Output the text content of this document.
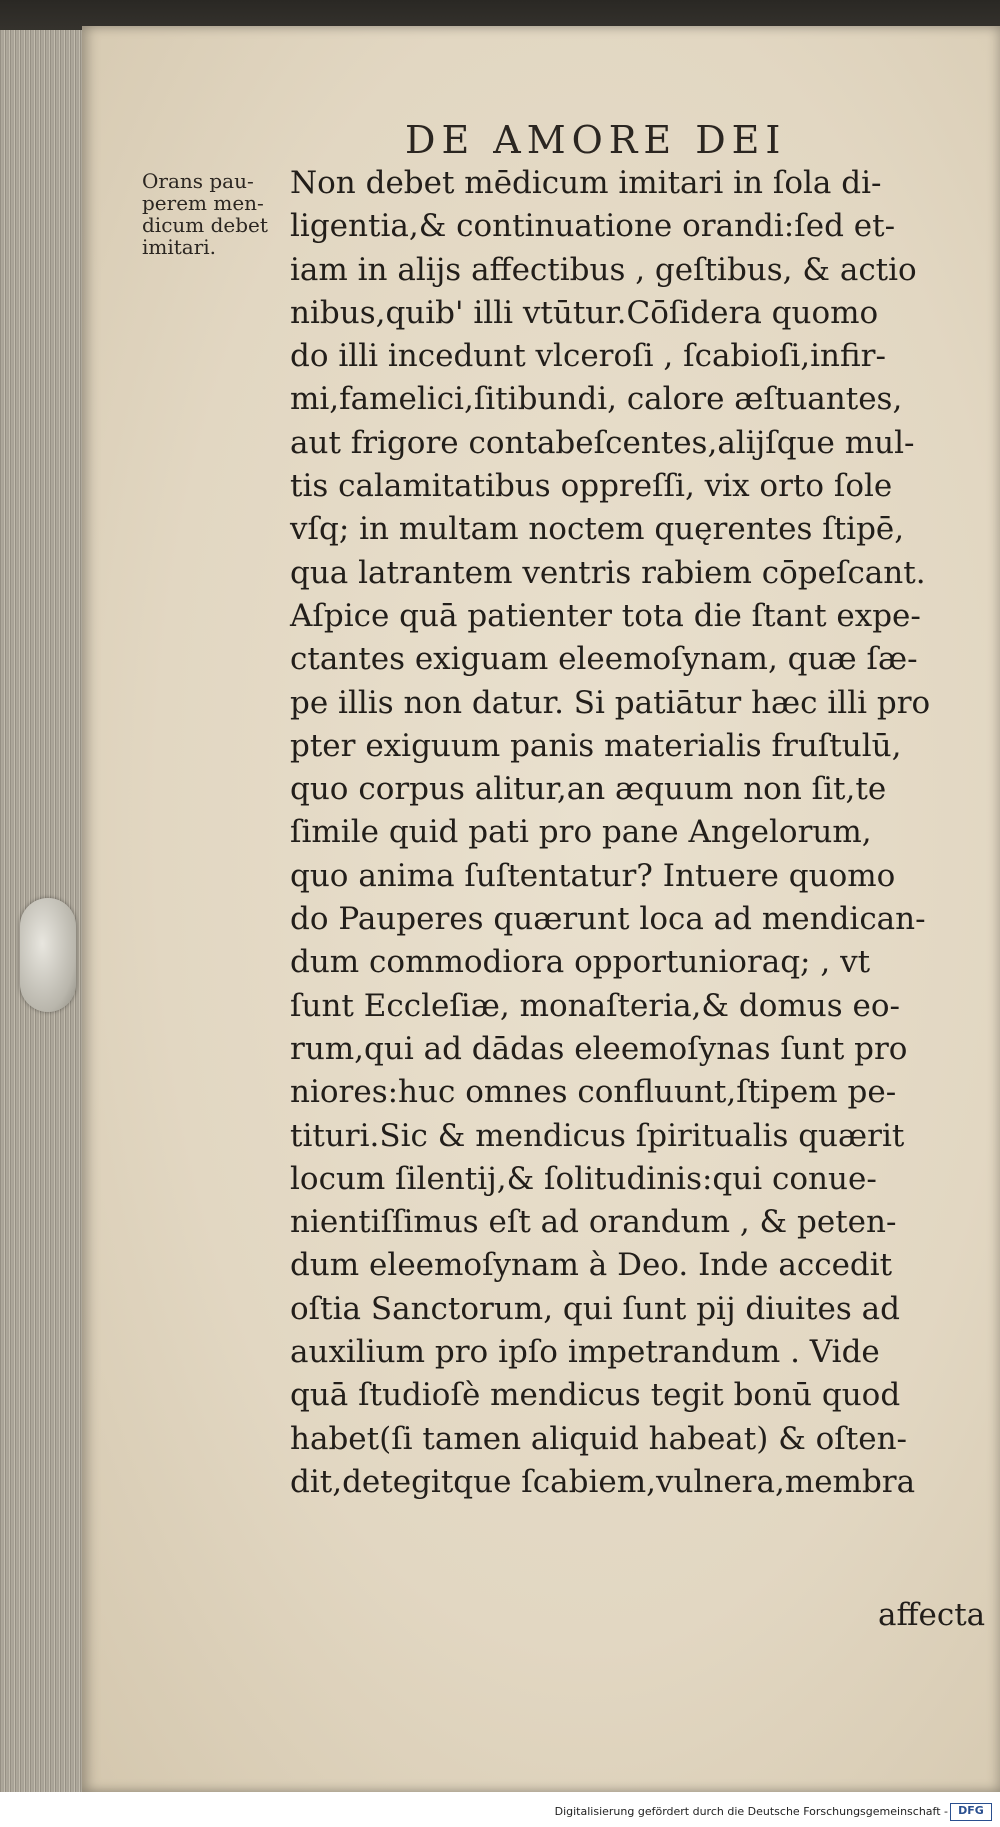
DE AMORE DEI
Orans pau-
perem men-
dicum debet
imitari.
Non debet mēdicum imitari in ſola di-
ligentia,& continuatione orandi:ſed et-
iam in alijs affectibus , geſtibus, & actio
nibus,quib' illi vtūtur.Cōſidera quomo
do illi incedunt vlceroſi , ſcabioſi,infir-
mi,famelici,ſitibundi, calore æſtuantes,
aut frigore contabeſcentes,alijſque mul-
tis calamitatibus oppreſſi, vix orto ſole
vſq; in multam noctem quęrentes ſtipē,
qua latrantem ventris rabiem cōpeſcant.
Aſpice quā patienter tota die ſtant expe-
ctantes exiguam eleemoſynam, quæ ſæ-
pe illis non datur. Si patiātur hæc illi pro
pter exiguum panis materialis fruſtulū,
quo corpus alitur,an æquum non ſit,te
ſimile quid pati pro pane Angelorum,
quo anima ſuſtentatur? Intuere quomo
do Pauperes quærunt loca ad mendican-
dum commodiora opportunioraq; , vt
ſunt Eccleſiæ, monaſteria,& domus eo-
rum,qui ad dādas eleemoſynas ſunt pro
niores:huc omnes confluunt,ſtipem pe-
tituri.Sic & mendicus ſpiritualis quærit
locum ſilentij,& ſolitudinis:qui conue-
nientiſſimus eſt ad orandum , & peten-
dum eleemoſynam à Deo. Inde accedit
oſtia Sanctorum, qui ſunt pij diuites ad
auxilium pro ipſo impetrandum . Vide
quā ſtudioſè mendicus tegit bonū quod
habet(ſi tamen aliquid habeat) & oſten-
dit,detegitque ſcabiem,vulnera,membra
affecta
Digitalisierung gefördert durch die Deutsche Forschungsgemeinschaft - DFG
